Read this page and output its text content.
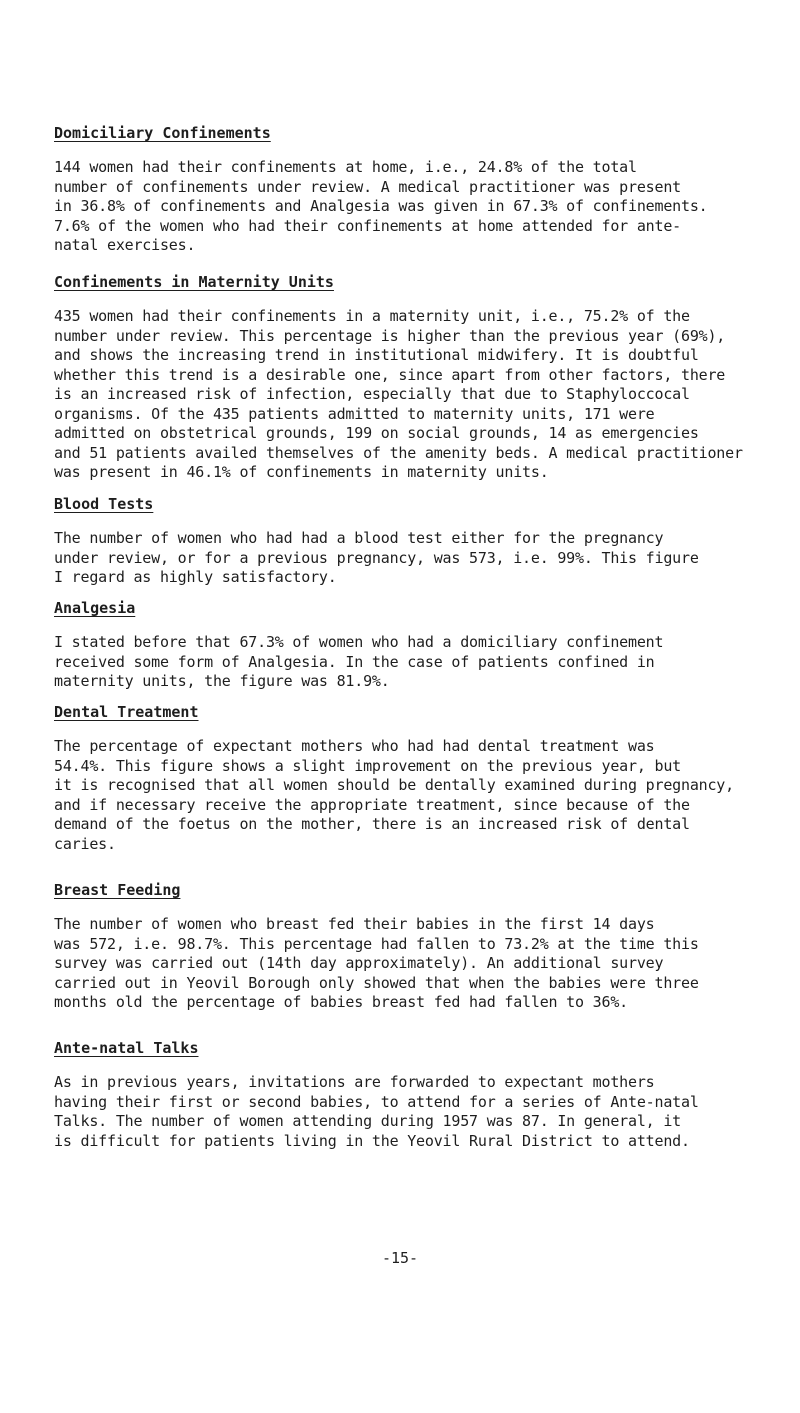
Domiciliary Confinements

144 women had their confinements at home, i.e., 24.8% of the total
number of confinements under review. A medical practitioner was present
in 36.8% of confinements and Analgesia was given in 67.3% of confinements.
7.6% of the women who had their confinements at home attended for ante-
natal exercises.

Confinements in Maternity Units

435 women had their confinements in a maternity unit, i.e., 75.2% of the
number under review. This percentage is higher than the previous year (69%),
and shows the increasing trend in institutional midwifery. It is doubtful
whether this trend is a desirable one, since apart from other factors, there
is an increased risk of infection, especially that due to Staphyloccocal
organisms. Of the 435 patients admitted to maternity units, 171 were
admitted on obstetrical grounds, 199 on social grounds, 14 as emergencies
and 51 patients availed themselves of the amenity beds. A medical practitioner
was present in 46.1% of confinements in maternity units.

Blood Tests

The number of women who had had a blood test either for the pregnancy
under review, or for a previous pregnancy, was 573, i.e. 99%. This figure
I regard as highly satisfactory.

Analgesia

I stated before that 67.3% of women who had a domiciliary confinement
received some form of Analgesia. In the case of patients confined in
maternity units, the figure was 81.9%.

Dental Treatment

The percentage of expectant mothers who had had dental treatment was
54.4%. This figure shows a slight improvement on the previous year, but
it is recognised that all women should be dentally examined during pregnancy,
and if necessary receive the appropriate treatment, since because of the
demand of the foetus on the mother, there is an increased risk of dental
caries.

Breast Feeding

The number of women who breast fed their babies in the first 14 days
was 572, i.e. 98.7%. This percentage had fallen to 73.2% at the time this
survey was carried out (14th day approximately). An additional survey
carried out in Yeovil Borough only showed that when the babies were three
months old the percentage of babies breast fed had fallen to 36%.

Ante-natal Talks

As in previous years, invitations are forwarded to expectant mothers
having their first or second babies, to attend for a series of Ante-natal
Talks. The number of women attending during 1957 was 87. In general, it
is difficult for patients living in the Yeovil Rural District to attend.

-15-
